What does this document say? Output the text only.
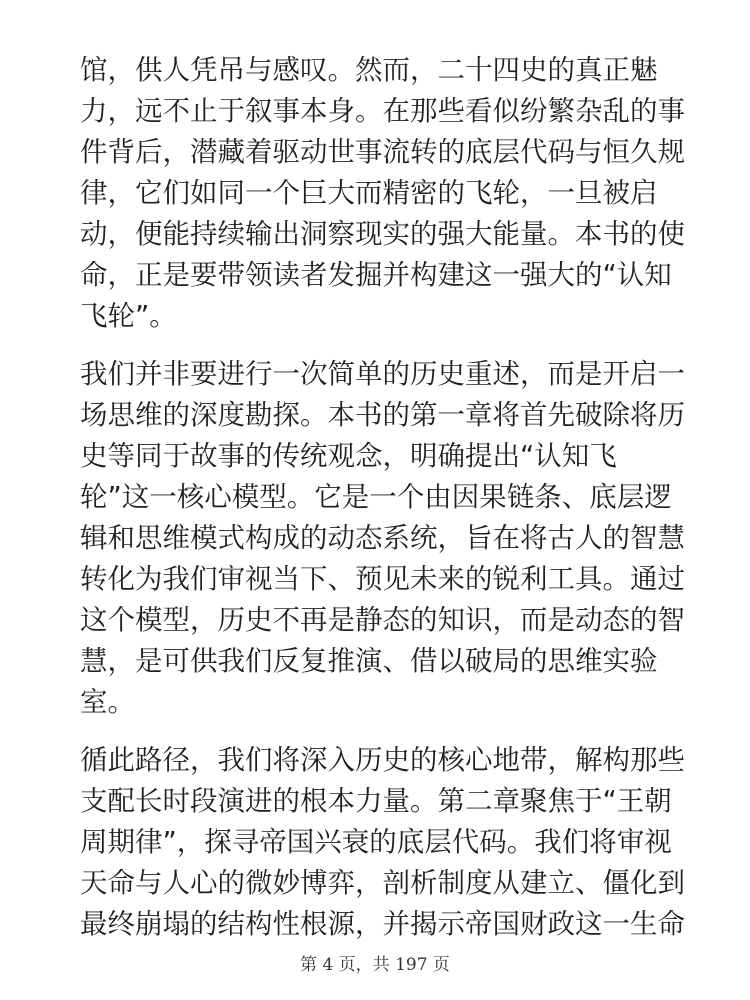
馆，供人凭吊与感叹。然而，二十四史的真正魅
力，远不止于叙事本身。在那些看似纷繁杂乱的事
件背后，潜藏着驱动世事流转的底层代码与恒久规
律，它们如同一个巨大而精密的飞轮，一旦被启
动，便能持续输出洞察现实的强大能量。本书的使
命，正是要带领读者发掘并构建这一强大的“认知
飞轮”。

我们并非要进行一次简单的历史重述，而是开启一
场思维的深度勘探。本书的第一章将首先破除将历
史等同于故事的传统观念，明确提出“认知飞
轮”这一核心模型。它是一个由因果链条、底层逻
辑和思维模式构成的动态系统，旨在将古人的智慧
转化为我们审视当下、预见未来的锐利工具。通过
这个模型，历史不再是静态的知识，而是动态的智
慧，是可供我们反复推演、借以破局的思维实验
室。

循此路径，我们将深入历史的核心地带，解构那些
支配长时段演进的根本力量。第二章聚焦于“王朝
周期律”，探寻帝国兴衰的底层代码。我们将审视
天命与人心的微妙博弈，剖析制度从建立、僵化到
最终崩塌的结构性根源，并揭示帝国财政这一生命

第 4 页，共 197 页
